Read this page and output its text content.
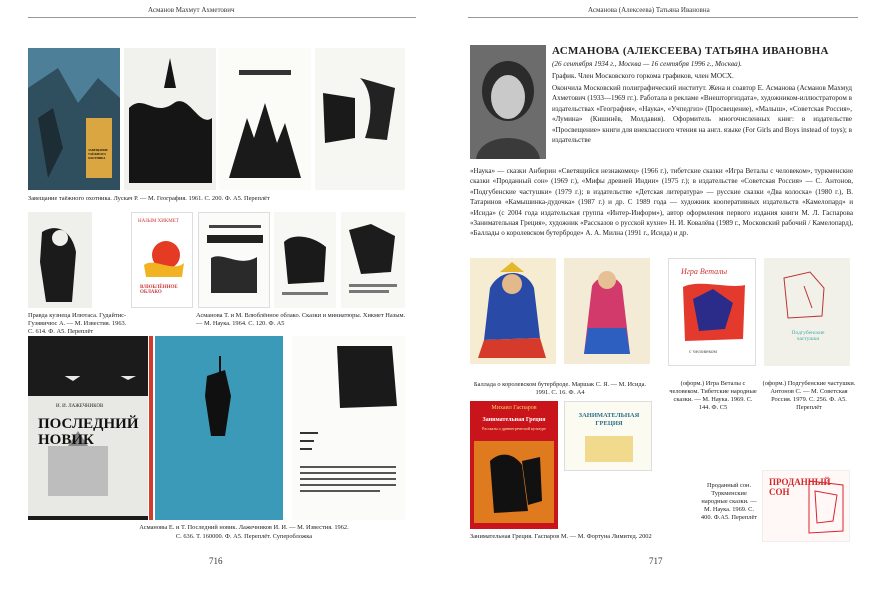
Асманов Махмут Ахметович
ЗАВЕЩАНИЕ ТАЁЖНОГО ОХОТНИКА
Завещание таёжного охотника. Лускач Р. — М. География. 1961. С. 200. Ф. А5. Переплёт
НАЗЫМ ХИКМЕТ
ВЛЮБЛЁННОЕ ОБЛАКО
Правда кузнеца Илютаса. Гудайтис-Гузявичюс А. — М. Известия. 1963. С. 614. Ф. А5. Переплёт
Асманова Т. и М. Влюблённое облако. Сказки и миниатюры. Хикмет Назым. — М. Наука. 1964. С. 120. Ф. А5
И. И. ЛАЖЕЧНИКОВ
ПОСЛЕДНИЙ НОВИК
Асмановы Е. и Т. Последний новик. Лажечников И. И. — М. Известия. 1962.
С. 636. Т. 160000. Ф. А5. Переплёт. Суперобложка
716
Асманова (Алексеева) Татьяна Ивановна
АСМАНОВА (АЛЕКСЕЕВА) ТАТЬЯНА ИВАНОВНА
(26 сентября 1934 г., Москва — 16 сентября 1996 г., Москва).
График. Член Московского горкома графиков, член МОСХ.
Окончила Московский полиграфический институт. Жена и соавтор Е. Асманова (Асманов Махмуд Ахметович (1933—1969 гг.). Работала в рекламе «Внешторгиздата», художником-иллюстратором в издательствах «География», «Наука», «Учпедгиз» (Просвещение), «Малыш», «Советская Россия», «Лумина» (Кишинёв, Молдавия). Оформитель многочисленных книг: в издательстве «Просвещение» книги для внеклассного чтения на англ. языке (For Girls and Boys instead of toys); в издательстве
«Наука» — сказки Анбирин «Светящийся незнакомец» (1966 г.), тибетские сказки «Игра Веталы с человеком», туркменские сказки «Проданный сон» (1969 г.), «Мифы древней Индии» (1975 г.); в издательстве «Советская Россия» — С. Антонов, «Подгубенские частушки» (1979 г.); в издательстве «Детская литература» — русские сказки «Два колоска» (1980 г.), В. Татаринов «Камышинка-дудочка» (1987 г.) и др. С 1989 года — художник кооперативных издательств «Камелопард» и «Исида» (с 2004 года издательская группа «Интер-Информ»), автор оформления первого издания книги М. Л. Гаспарова «Занимательная Греция», художник «Рассказов о русской кухне» Н. И. Ковалёва (1989 г., Московский рабочий / Камелопард), «Баллады о королевском бутерброде» А. А. Милна (1991 г., Исида) и др.
Игра Веталы
с человеком
Подгубенские частушки
Баллада о королевском бутерброде. Маршак С. Я. — М. Исида. 1991. С. 16. Ф. А4
(оформ.) Игра Веталы с человеком. Тибетские народные сказки. — М. Наука. 1969. С. 144. Ф. С5
(оформ.) Подгубенские частушки. Антонов С. — М. Советская Россия. 1979. С. 256. Ф. А5. Переплёт
Михаил Гаспаров
Занимательная Греция
Рассказы о древнегреческой культуре
ЗАНИМАТЕЛЬНАЯ ГРЕЦИЯ
ПРОДАННЫЙ СОН
Проданный сон. Туркменские народные сказки. — М. Наука. 1969. С. 400. Ф.А5. Переплёт
Занимательная Греция. Гаспаров М. — М. Фортуна Лимитед. 2002
717
